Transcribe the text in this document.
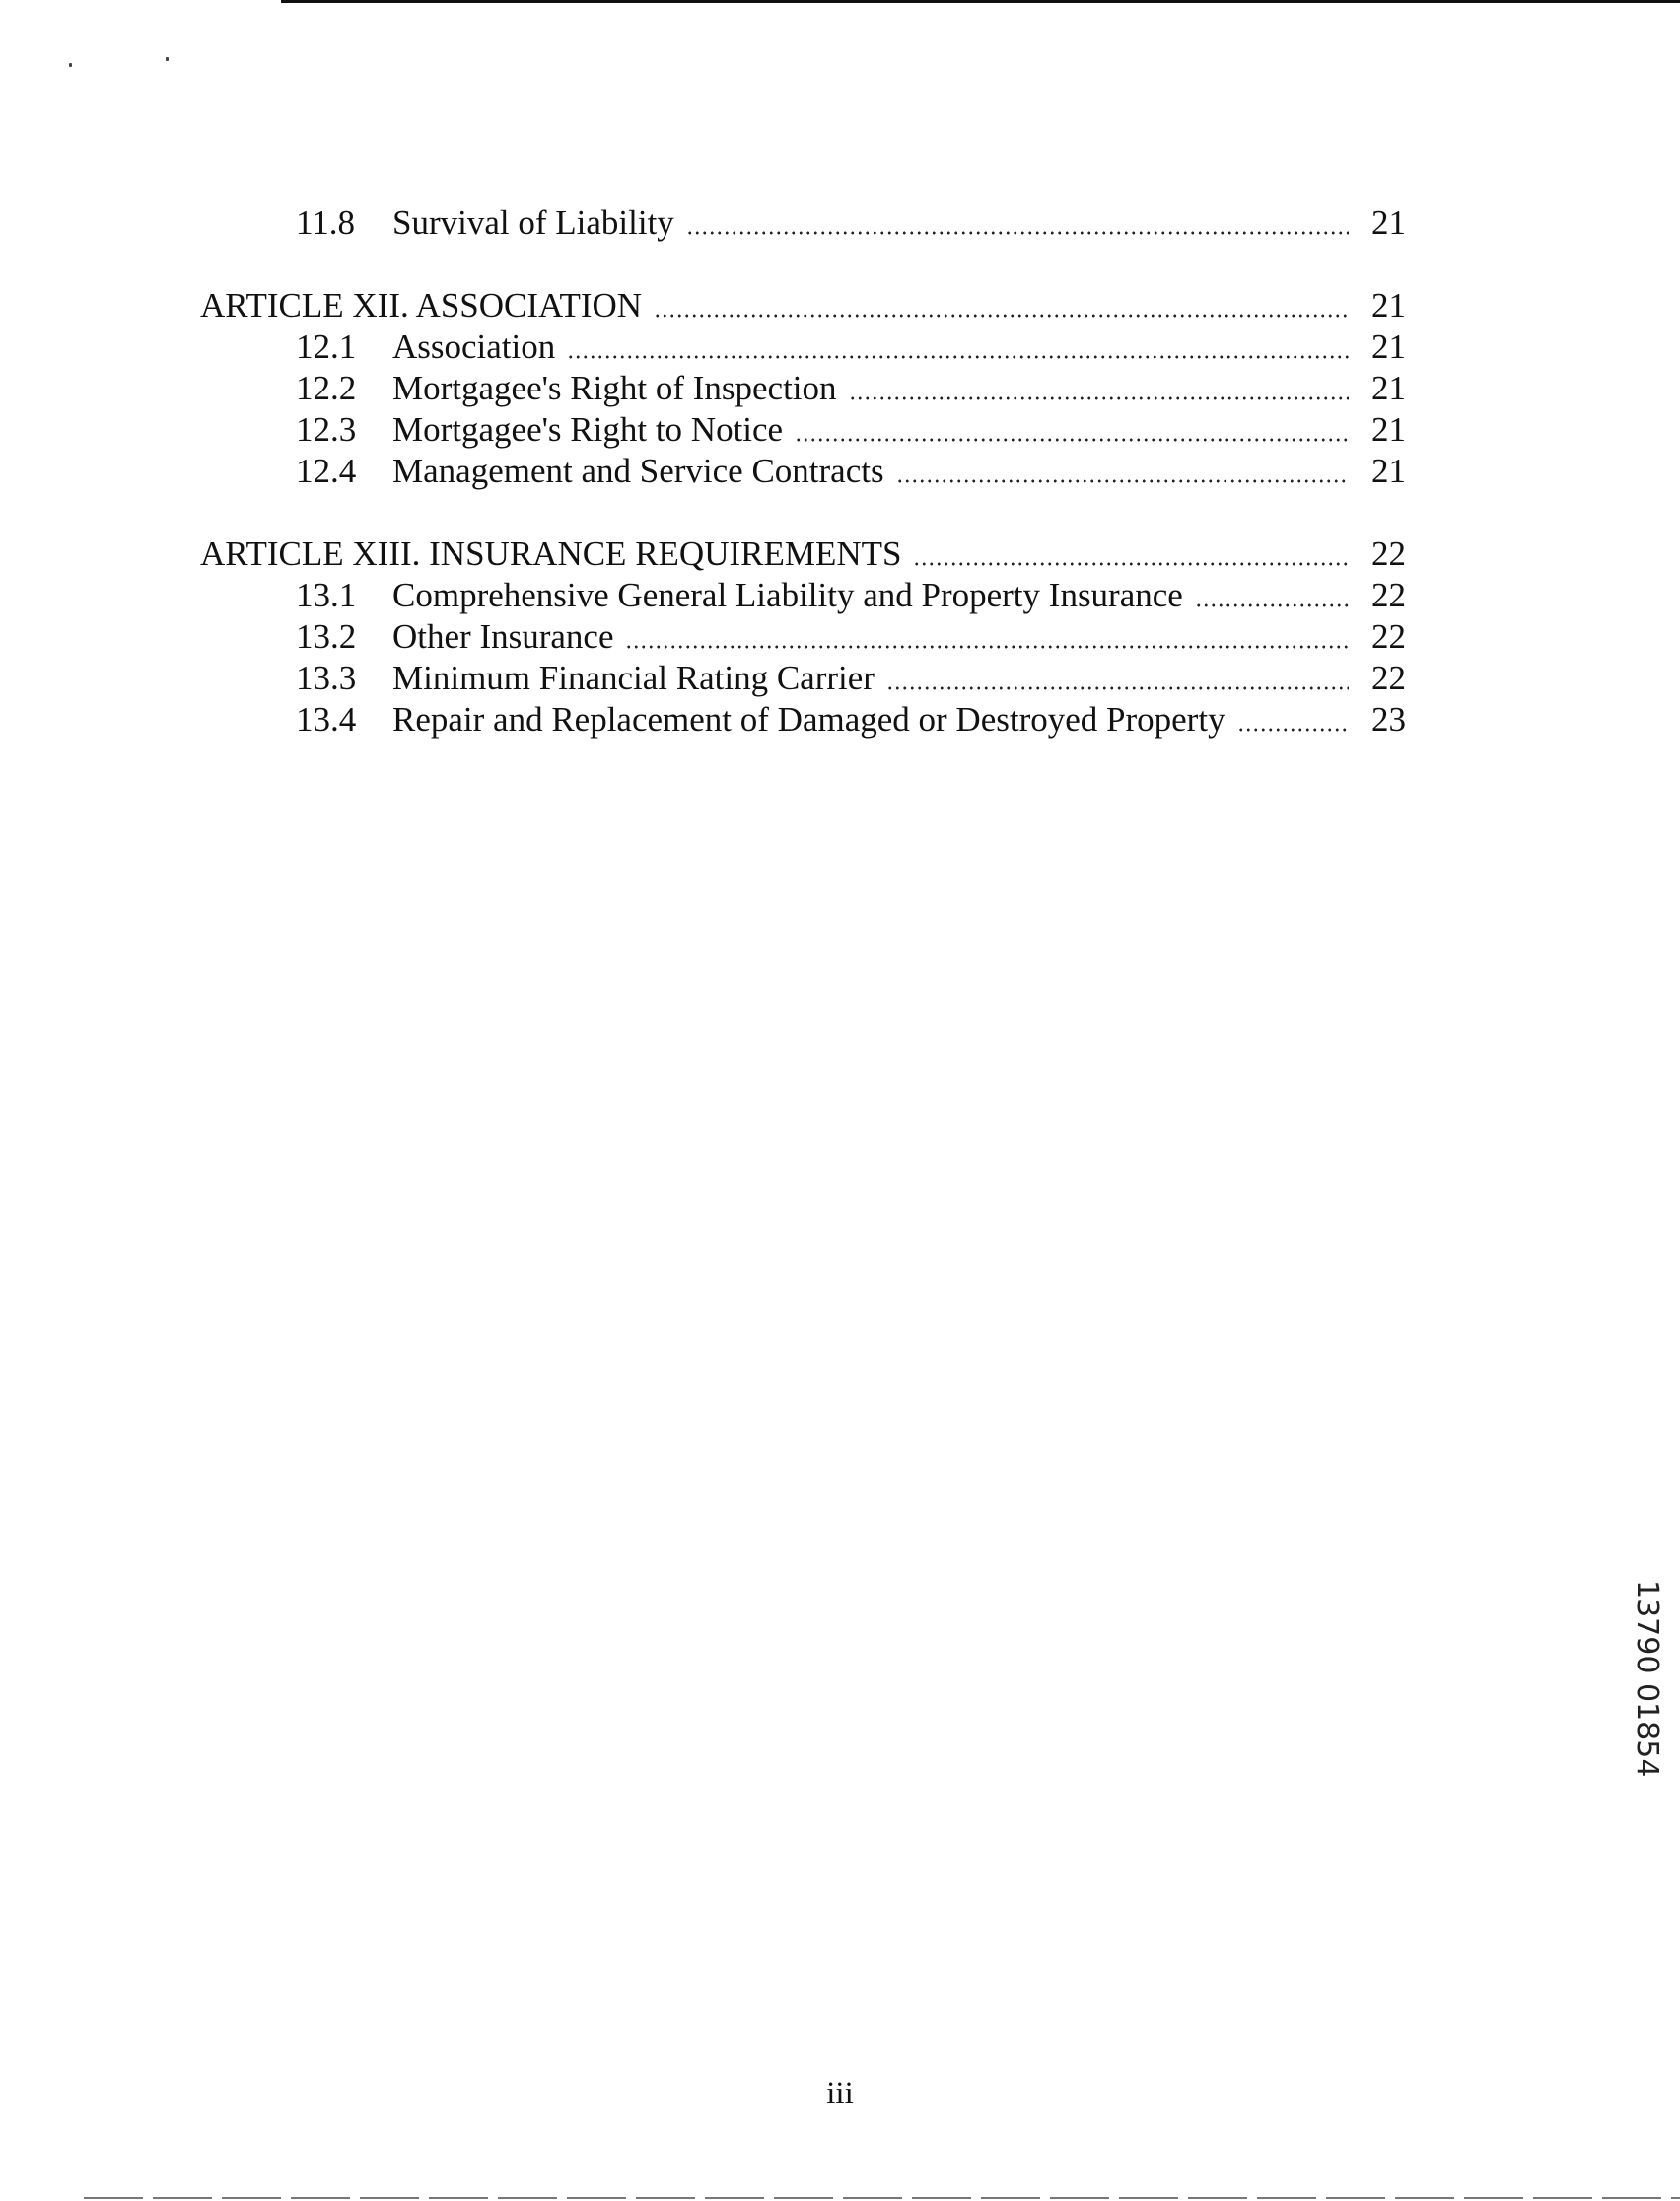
11.8 Survival of Liability	21
ARTICLE XII. ASSOCIATION	21
12.1 Association	21
12.2 Mortgagee's Right of Inspection	21
12.3 Mortgagee's Right to Notice	21
12.4 Management and Service Contracts	21
ARTICLE XIII. INSURANCE REQUIREMENTS	22
13.1 Comprehensive General Liability and Property Insurance	22
13.2 Other Insurance	22
13.3 Minimum Financial Rating Carrier	22
13.4 Repair and Replacement of Damaged or Destroyed Property	23
13790 01854
iii
